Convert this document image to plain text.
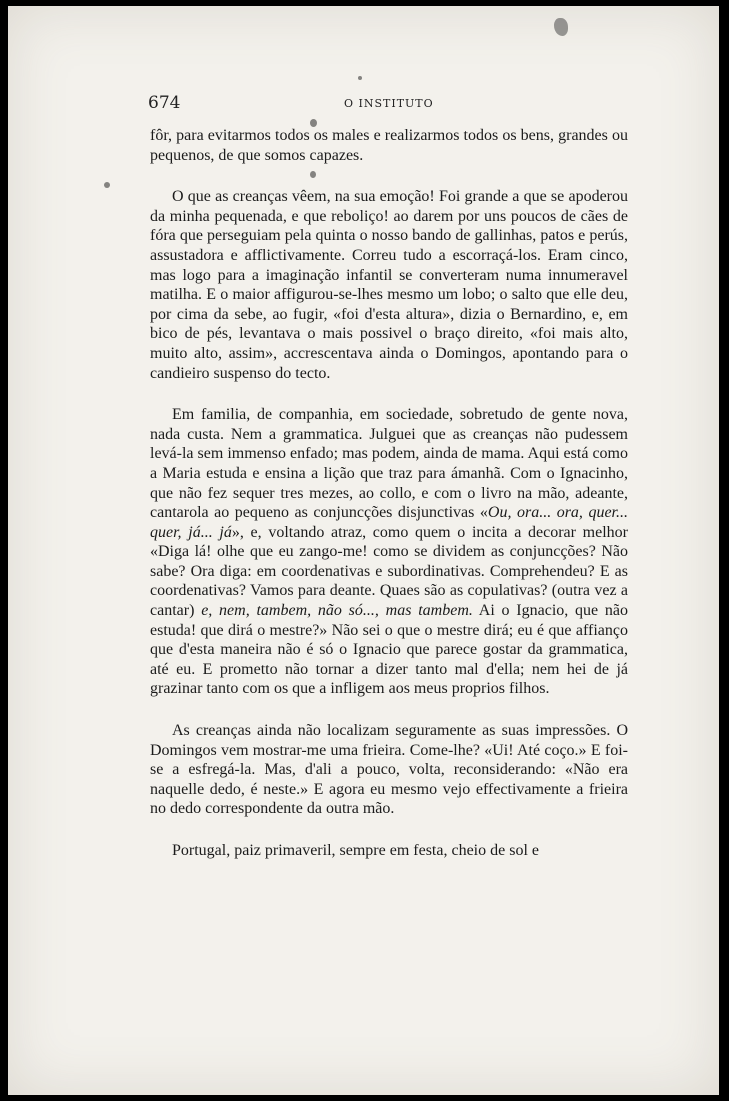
674	O INSTITUTO

fôr, para evitarmos todos os males e realizarmos todos os bens, grandes ou pequenos, de que somos capazes.

O que as creanças vêem, na sua emoção! Foi grande a que se apoderou da minha pequenada, e que reboliço! ao darem por uns poucos de cães de fóra que perseguiam pela quinta o nosso bando de gallinhas, patos e perús, assustadora e afflictivamente. Correu tudo a escorraçá-los. Eram cinco, mas logo para a imaginação infantil se converteram numa innumeravel matilha. E o maior affigurou-se-lhes mesmo um lobo; o salto que elle deu, por cima da sebe, ao fugir, «foi d'esta altura», dizia o Bernardino, e, em bico de pés, levantava o mais possivel o braço direito, «foi mais alto, muito alto, assim», accrescentava ainda o Domingos, apontando para o candieiro suspenso do tecto.

Em familia, de companhia, em sociedade, sobretudo de gente nova, nada custa. Nem a grammatica. Julguei que as creanças não pudessem levá-la sem immenso enfado; mas podem, ainda de mama. Aqui está como a Maria estuda e ensina a lição que traz para ámanhã. Com o Ignacinho, que não fez sequer tres mezes, ao collo, e com o livro na mão, adeante, cantarola ao pequeno as conjuncções disjunctivas «Ou, ora... ora, quer... quer, já... já», e, voltando atraz, como quem o incita a decorar melhor «Diga lá! olhe que eu zango-me! como se dividem as conjuncções? Não sabe? Ora diga: em coordenativas e subordinativas. Comprehendeu? E as coordenativas? Vamos para deante. Quaes são as copulativas? (outra vez a cantar) e, nem, tambem, não só..., mas tambem. Ai o Ignacio, que não estuda! que dirá o mestre?» Não sei o que o mestre dirá; eu é que affianço que d'esta maneira não é só o Ignacio que parece gostar da grammatica, até eu. E prometto não tornar a dizer tanto mal d'ella; nem hei de já grazinar tanto com os que a infligem aos meus proprios filhos.

As creanças ainda não localizam seguramente as suas impressões. O Domingos vem mostrar-me uma frieira. Come-lhe? «Ui! Até coço.» E foi-se a esfregá-la. Mas, d'ali a pouco, volta, reconsiderando: «Não era naquelle dedo, é neste.» E agora eu mesmo vejo effectivamente a frieira no dedo correspondente da outra mão.

Portugal, paiz primaveril, sempre em festa, cheio de sol e
